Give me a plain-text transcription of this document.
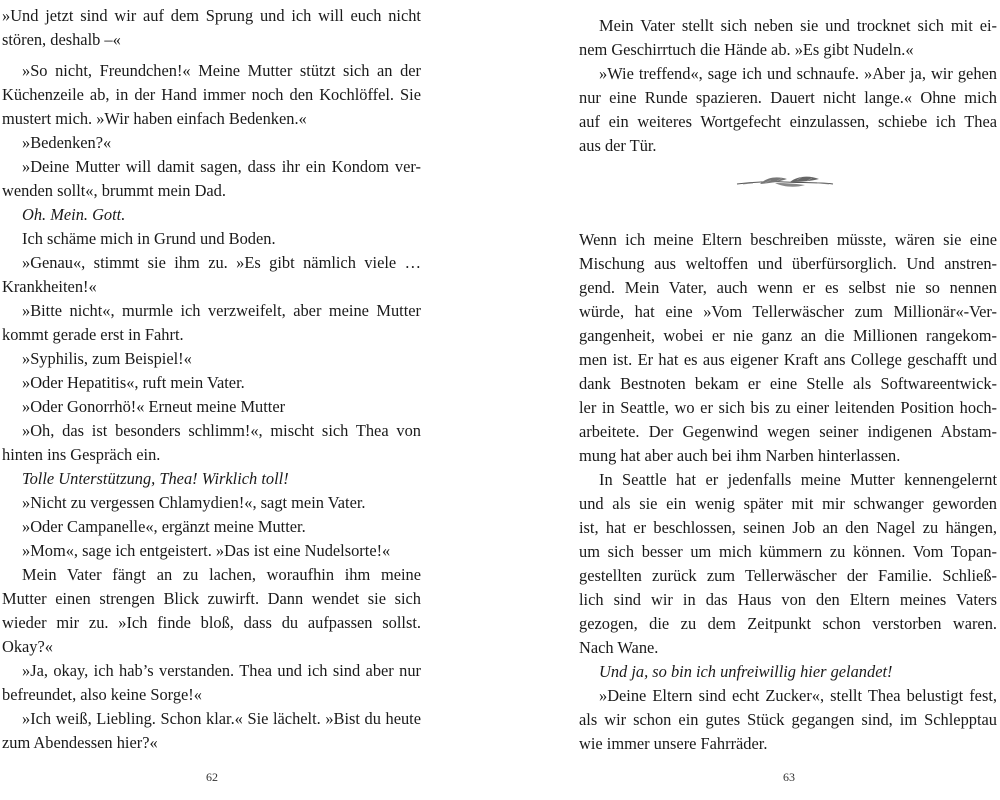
»Und jetzt sind wir auf dem Sprung und ich will euch nicht
stören, deshalb –«
»So nicht, Freundchen!« Meine Mutter stützt sich an der
Küchenzeile ab, in der Hand immer noch den Kochlöffel. Sie
mustert mich. »Wir haben einfach Bedenken.«
»Bedenken?«
»Deine Mutter will damit sagen, dass ihr ein Kondom ver-
wenden sollt«, brummt mein Dad.
Oh. Mein. Gott.
Ich schäme mich in Grund und Boden.
»Genau«, stimmt sie ihm zu. »Es gibt nämlich viele …
Krankheiten!«
»Bitte nicht«, murmle ich verzweifelt, aber meine Mutter
kommt gerade erst in Fahrt.
»Syphilis, zum Beispiel!«
»Oder Hepatitis«, ruft mein Vater.
»Oder Gonorrhö!« Erneut meine Mutter
»Oh, das ist besonders schlimm!«, mischt sich Thea von
hinten ins Gespräch ein.
Tolle Unterstützung, Thea! Wirklich toll!
»Nicht zu vergessen Chlamydien!«, sagt mein Vater.
»Oder Campanelle«, ergänzt meine Mutter.
»Mom«, sage ich entgeistert. »Das ist eine Nudelsorte!«
Mein Vater fängt an zu lachen, woraufhin ihm meine
Mutter einen strengen Blick zuwirft. Dann wendet sie sich
wieder mir zu. »Ich finde bloß, dass du aufpassen sollst.
Okay?«
»Ja, okay, ich hab’s verstanden. Thea und ich sind aber nur
befreundet, also keine Sorge!«
»Ich weiß, Liebling. Schon klar.« Sie lächelt. »Bist du heute
zum Abendessen hier?«
62
Mein Vater stellt sich neben sie und trocknet sich mit ei-
nem Geschirrtuch die Hände ab. »Es gibt Nudeln.«
»Wie treffend«, sage ich und schnaufe. »Aber ja, wir gehen
nur eine Runde spazieren. Dauert nicht lange.« Ohne mich
auf ein weiteres Wortgefecht einzulassen, schiebe ich Thea
aus der Tür.
Wenn ich meine Eltern beschreiben müsste, wären sie eine
Mischung aus weltoffen und überfürsorglich. Und anstren-
gend. Mein Vater, auch wenn er es selbst nie so nennen
würde, hat eine »Vom Tellerwäscher zum Millionär«-Ver-
gangenheit, wobei er nie ganz an die Millionen rangekom-
men ist. Er hat es aus eigener Kraft ans College geschafft und
dank Bestnoten bekam er eine Stelle als Softwareentwick-
ler in Seattle, wo er sich bis zu einer leitenden Position hoch-
arbeitete. Der Gegenwind wegen seiner indigenen Abstam-
mung hat aber auch bei ihm Narben hinterlassen.
In Seattle hat er jedenfalls meine Mutter kennengelernt
und als sie ein wenig später mit mir schwanger geworden
ist, hat er beschlossen, seinen Job an den Nagel zu hängen,
um sich besser um mich kümmern zu können. Vom Topan-
gestellten zurück zum Tellerwäscher der Familie. Schließ-
lich sind wir in das Haus von den Eltern meines Vaters
gezogen, die zu dem Zeitpunkt schon verstorben waren.
Nach Wane.
Und ja, so bin ich unfreiwillig hier gelandet!
»Deine Eltern sind echt Zucker«, stellt Thea belustigt fest,
als wir schon ein gutes Stück gegangen sind, im Schlepptau
wie immer unsere Fahrräder.
63
